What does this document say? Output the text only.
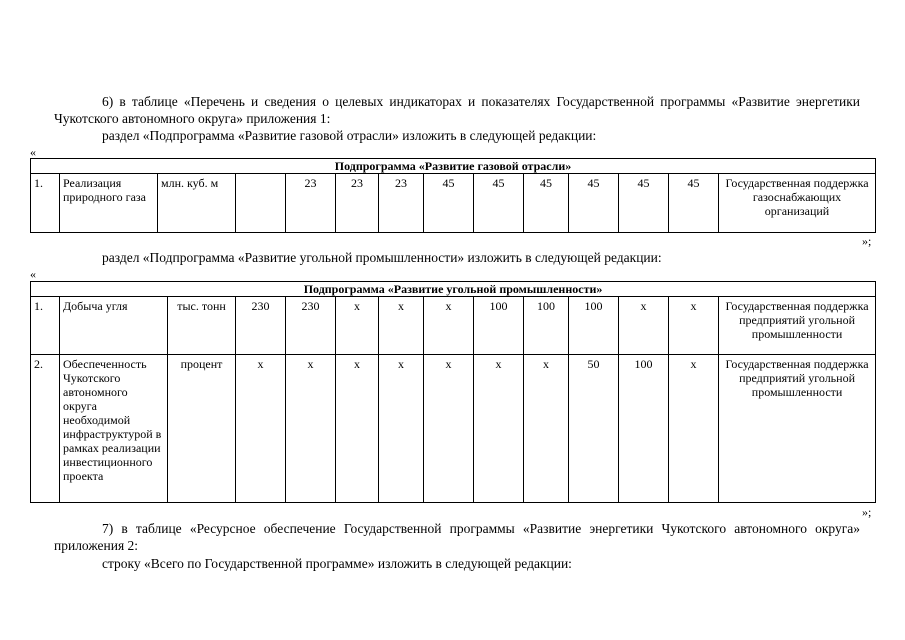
6) в таблице «Перечень и сведения о целевых индикаторах и показателях Государственной программы «Развитие энергетики Чукотского автономного округа» приложения 1:
раздел «Подпрограмма «Развитие газовой отрасли» изложить в следующей редакции:
«
Подпрограмма «Развитие газовой отрасли»
1.	Реализация природного газа	млн. куб. м		23	23	23	45	45	45	45	45	45	Государственная поддержка газоснабжающих организаций
»;
раздел «Подпрограмма «Развитие угольной промышленности» изложить в следующей редакции:
«
Подпрограмма «Развитие угольной промышленности»													
1.	Добыча угля	тыс. тонн	230	230	х	х	х	100	100	100	х	х	Государственная поддержка предприятий угольной промышленности
2.	Обеспеченность Чукотского автономного округа необходимой инфраструктурой в рамках реализации инвестиционного проекта	процент	х	х	х	х	х	х	х	50	100	х	Государственная поддержка предприятий угольной промышленности
»;
7) в таблице «Ресурсное обеспечение Государственной программы «Развитие энергетики Чукотского автономного округа» приложения 2:
строку «Всего по Государственной программе» изложить в следующей редакции:
